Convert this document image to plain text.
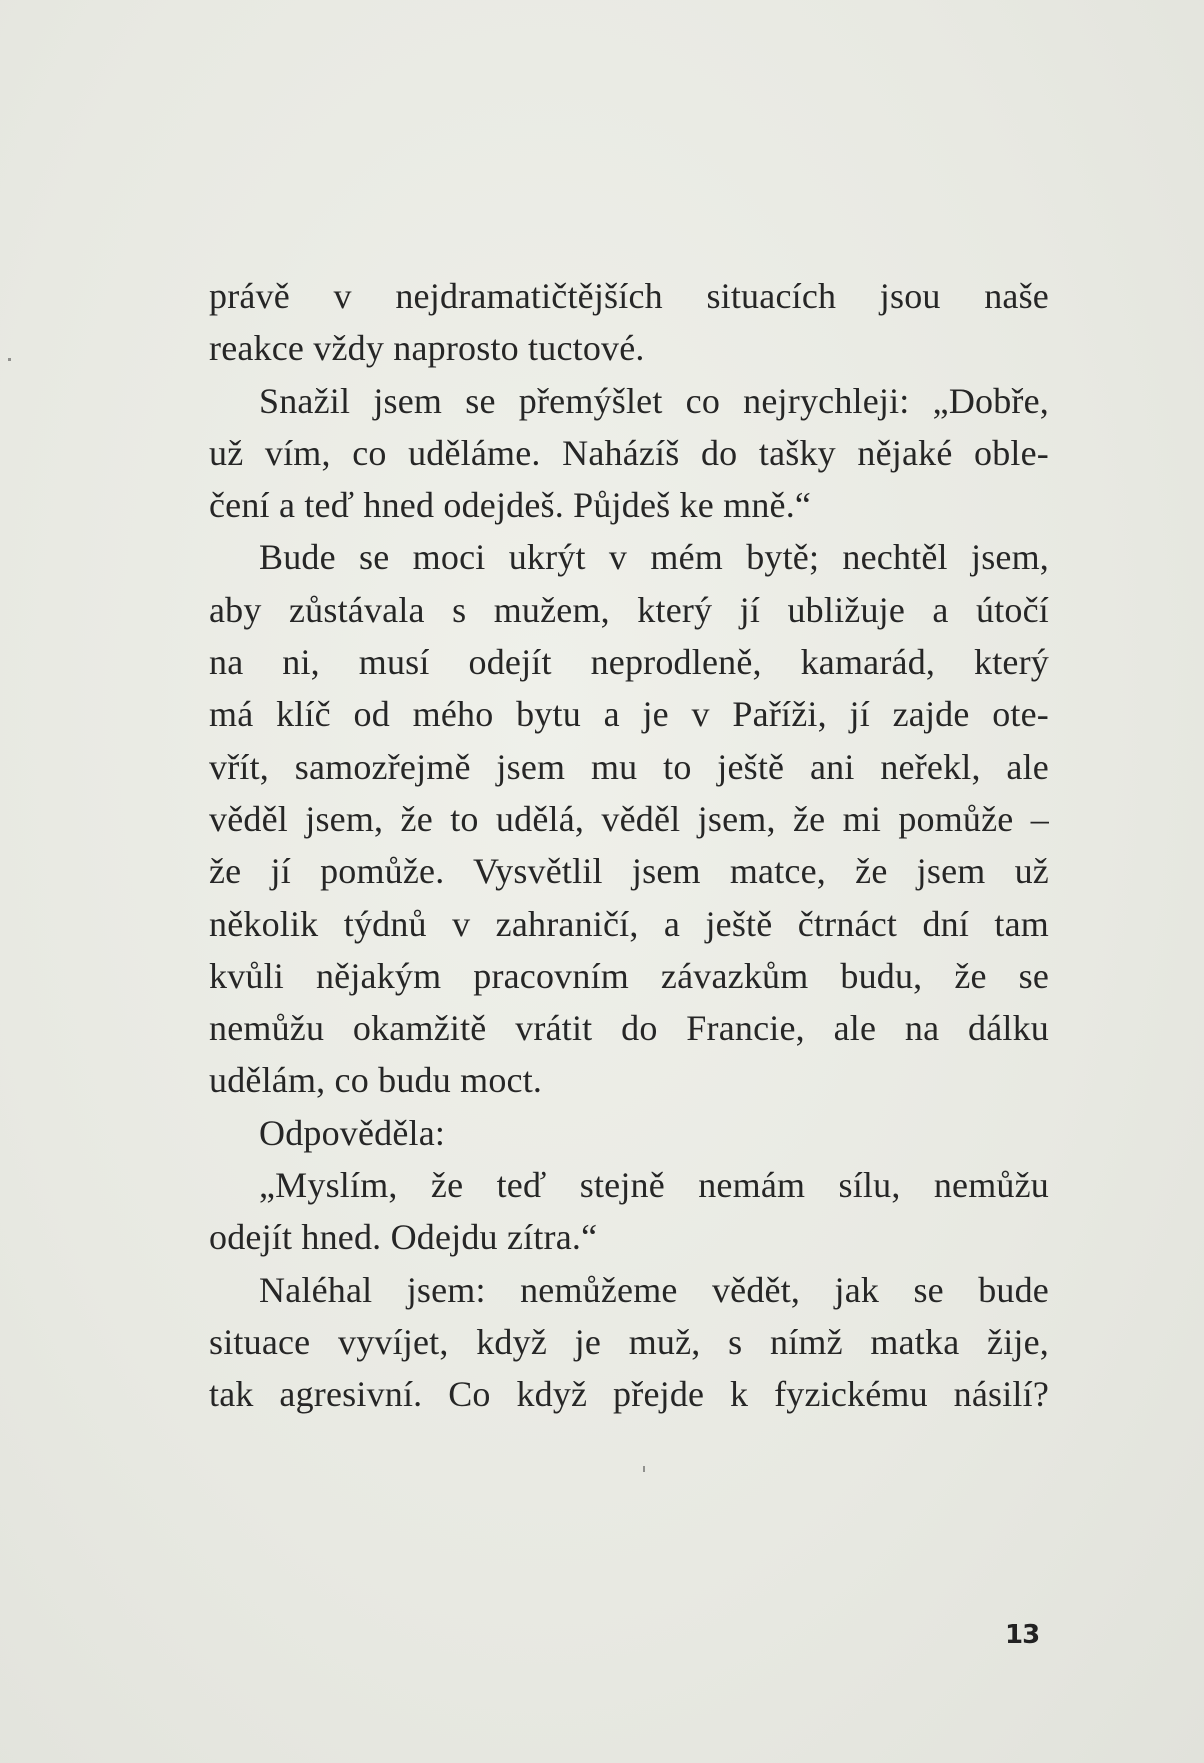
právě v nejdramatičtějších situacích jsou naše
reakce vždy naprosto tuctové.
Snažil jsem se přemýšlet co nejrychleji: „Dobře,
už vím, co uděláme. Naházíš do tašky nějaké oble-
čení a teď hned odejdeš. Půjdeš ke mně.“
Bude se moci ukrýt v mém bytě; nechtěl jsem,
aby zůstávala s mužem, který jí ubližuje a útočí
na ni, musí odejít neprodleně, kamarád, který
má klíč od mého bytu a je v Paříži, jí zajde ote-
vřít, samozřejmě jsem mu to ještě ani neřekl, ale
věděl jsem, že to udělá, věděl jsem, že mi pomůže –
že jí pomůže. Vysvětlil jsem matce, že jsem už
několik týdnů v zahraničí, a ještě čtrnáct dní tam
kvůli nějakým pracovním závazkům budu, že se
nemůžu okamžitě vrátit do Francie, ale na dálku
udělám, co budu moct.
Odpověděla:
„Myslím, že teď stejně nemám sílu, nemůžu
odejít hned. Odejdu zítra.“
Naléhal jsem: nemůžeme vědět, jak se bude
situace vyvíjet, když je muž, s nímž matka žije,
tak agresivní. Co když přejde k fyzickému násilí?
13
